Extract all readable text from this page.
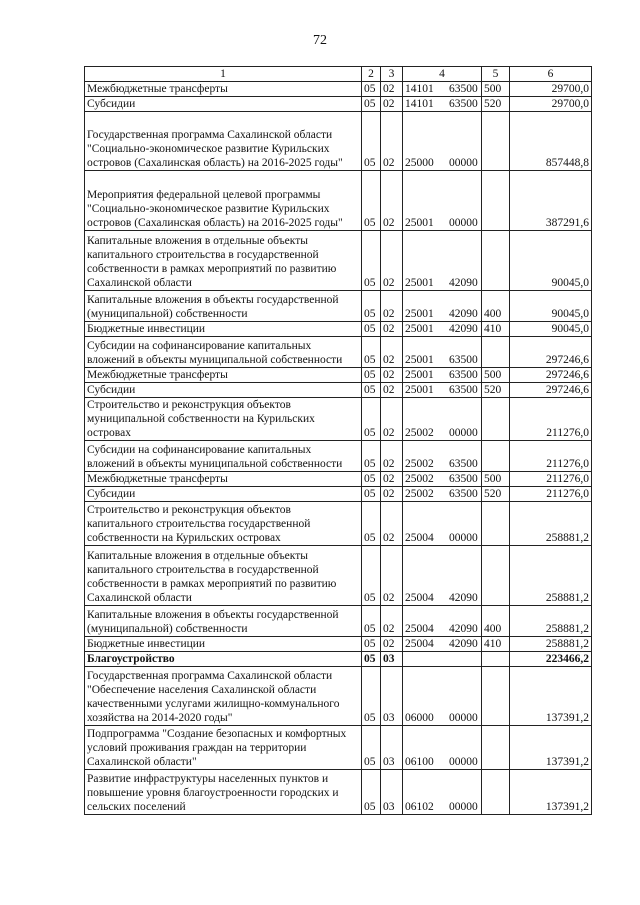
72
1	2	3	4	5	6
Межбюджетные трансферты	05	02	14101 63500	500	29700,0
Субсидии	05	02	14101 63500	520	29700,0
Государственная программа Сахалинской области "Социально-экономическое развитие Курильских островов (Сахалинская область) на 2016-2025 годы"	05	02	25000 00000		857448,8
Мероприятия федеральной целевой программы "Социально-экономическое развитие Курильских островов (Сахалинская область) на 2016-2025 годы"	05	02	25001 00000		387291,6
Капитальные вложения в отдельные объекты капитального строительства в государственной собственности в рамках мероприятий по развитию Сахалинской области	05	02	25001 42090		90045,0
Капитальные вложения в объекты государственной (муниципальной) собственности	05	02	25001 42090	400	90045,0
Бюджетные инвестиции	05	02	25001 42090	410	90045,0
Субсидии на софинансирование капитальных вложений в объекты муниципальной собственности	05	02	25001 63500		297246,6
Межбюджетные трансферты	05	02	25001 63500	500	297246,6
Субсидии	05	02	25001 63500	520	297246,6
Строительство и реконструкция объектов муниципальной собственности на Курильских островах	05	02	25002 00000		211276,0
Субсидии на софинансирование капитальных вложений в объекты муниципальной собственности	05	02	25002 63500		211276,0
Межбюджетные трансферты	05	02	25002 63500	500	211276,0
Субсидии	05	02	25002 63500	520	211276,0
Строительство и реконструкция объектов капитального строительства государственной собственности на Курильских островах	05	02	25004 00000		258881,2
Капитальные вложения в отдельные объекты капитального строительства в государственной собственности в рамках мероприятий по развитию Сахалинской области	05	02	25004 42090		258881,2
Капитальные вложения в объекты государственной (муниципальной) собственности	05	02	25004 42090	400	258881,2
Бюджетные инвестиции	05	02	25004 42090	410	258881,2
Благоустройство	05	03			223466,2
Государственная программа Сахалинской области "Обеспечение населения Сахалинской области качественными услугами жилищно-коммунального хозяйства на 2014-2020 годы"	05	03	06000 00000		137391,2
Подпрограмма "Создание безопасных и комфортных условий проживания граждан на территории Сахалинской области"	05	03	06100 00000		137391,2
Развитие инфраструктуры населенных пунктов и повышение уровня благоустроенности городских и сельских поселений	05	03	06102 00000		137391,2
